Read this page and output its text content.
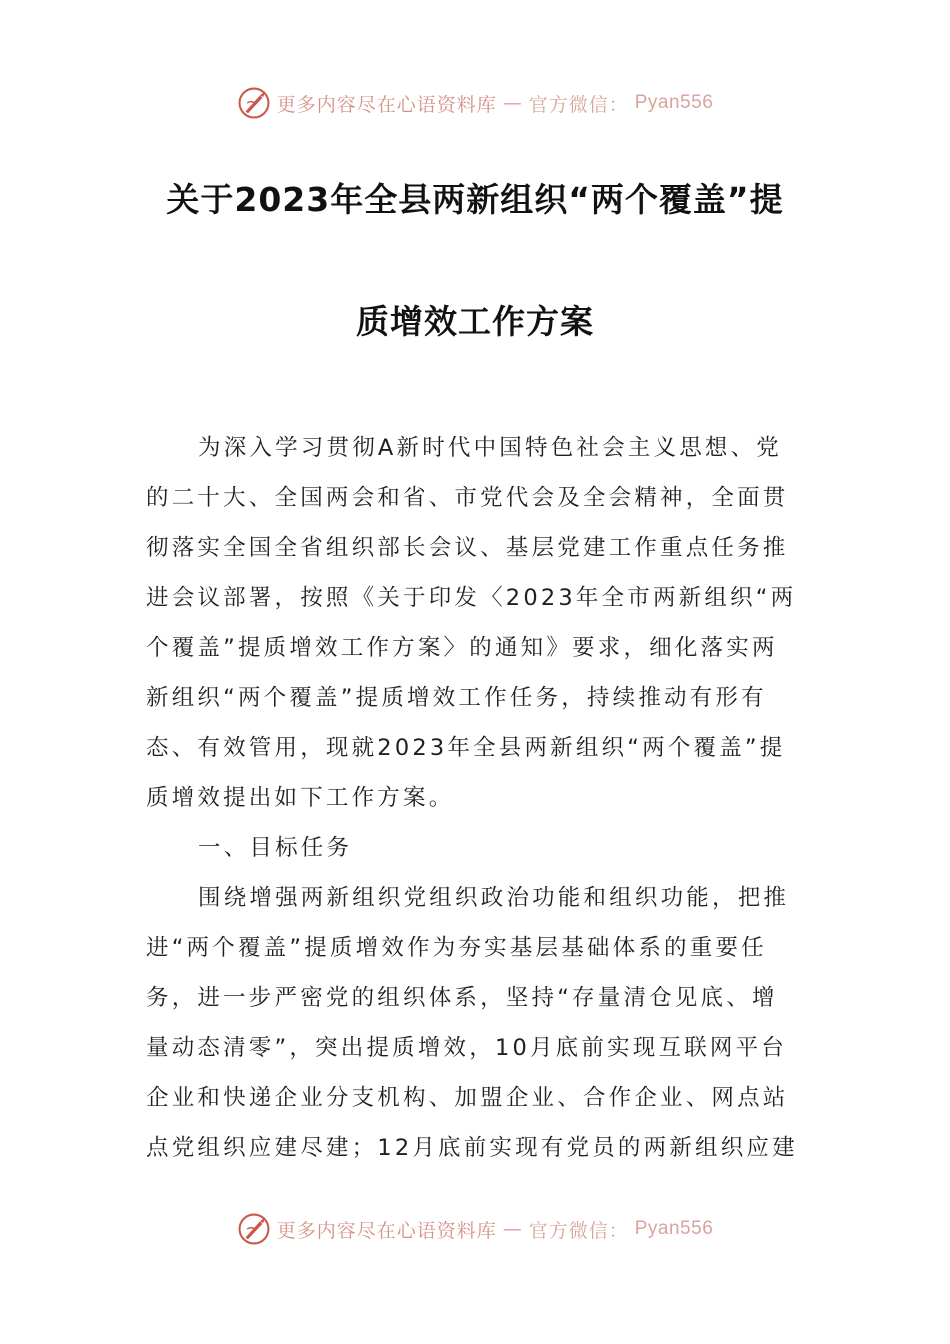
更多内容尽在心语资料库 — 官方微信： Pyan556
关于2023年全县两新组织“两个覆盖”提
质增效工作方案
为深入学习贯彻A新时代中国特色社会主义思想、党
的二十大、全国两会和省、市党代会及全会精神，全面贯
彻落实全国全省组织部长会议、基层党建工作重点任务推
进会议部署，按照《关于印发〈2023年全市两新组织“两
个覆盖”提质增效工作方案〉的通知》要求，细化落实两
新组织“两个覆盖”提质增效工作任务，持续推动有形有
态、有效管用，现就2023年全县两新组织“两个覆盖”提
质增效提出如下工作方案。
一、目标任务
围绕增强两新组织党组织政治功能和组织功能，把推
进“两个覆盖”提质增效作为夯实基层基础体系的重要任
务，进一步严密党的组织体系，坚持“存量清仓见底、增
量动态清零”，突出提质增效，10月底前实现互联网平台
企业和快递企业分支机构、加盟企业、合作企业、网点站
点党组织应建尽建；12月底前实现有党员的两新组织应建
更多内容尽在心语资料库 — 官方微信： Pyan556
